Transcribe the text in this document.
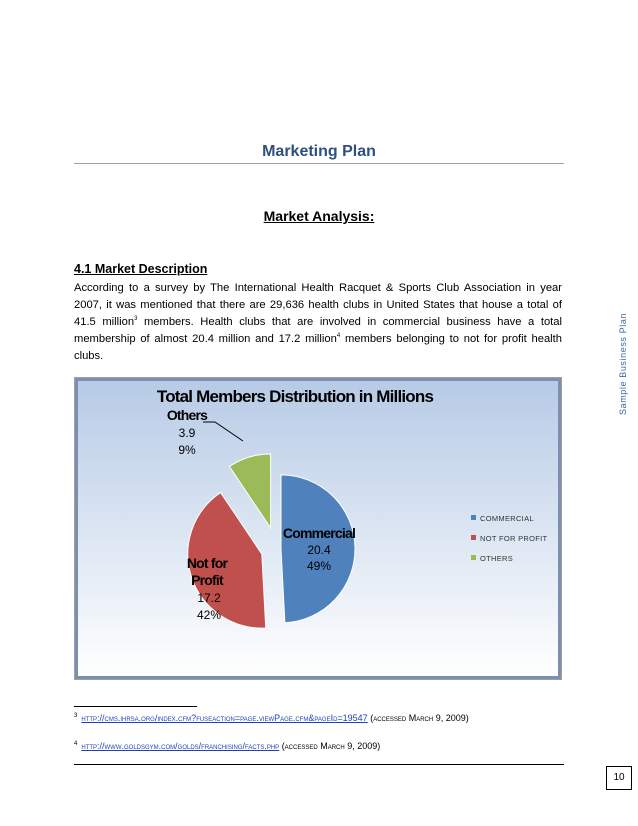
Marketing Plan
Market Analysis:
Sample Business Plan
4.1 Market Description
According to a survey by The International Health Racquet & Sports Club Association in year 2007, it was mentioned that there are 29,636 health clubs in United States that house a total of 41.5 million$^3$ members. Health clubs that are involved in commercial business have a total membership of almost 20.4 million and 17.2 million$^4$ members belonging to not for profit health clubs.
Total Members Distribution in Millions
Commercial
20.4
49%
Not for
Profit
17.2
42%
Others
3.9
9%
COMMERCIAL
NOT FOR PROFIT
OTHERS
$^3$ http://cms.ihrsa.org/index.cfm?fuseaction=page.viewPage.cfm&pageId=19547 (accessed March 9, 2009)
$^4$ http://www.goldsgym.com/golds/franchising/facts.php (accessed March 9, 2009)
10
